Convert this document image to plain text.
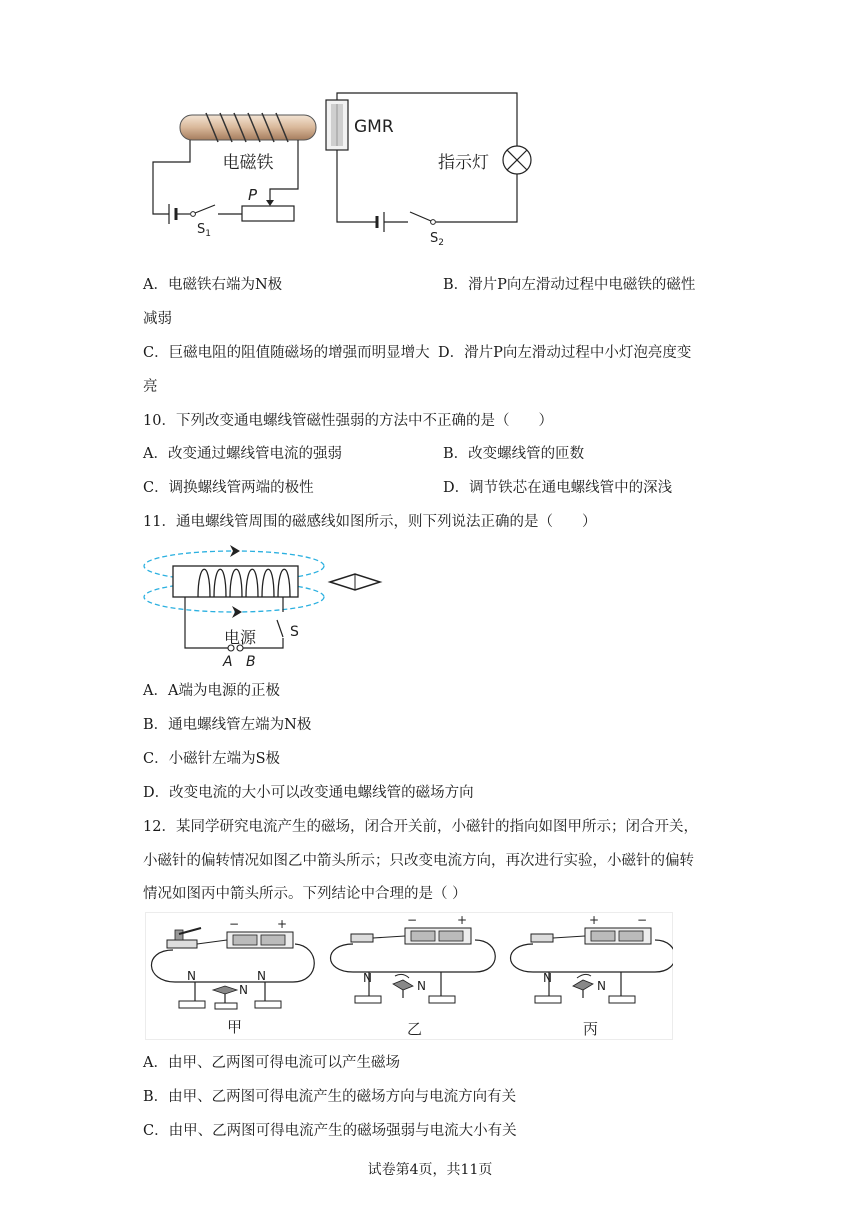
电磁铁
$S_1$
P
GMR
指示灯
$S_2$
A．电磁铁右端为N极	B．滑片P向左滑动过程中电磁铁的磁性
减弱
C．巨磁电阻的阻值随磁场的增强而明显增大 D．滑片P向左滑动过程中小灯泡亮度变
亮
10．下列改变通电螺线管磁性强弱的方法中不正确的是（　　）
A．改变通过螺线管电流的强弱	B．改变螺线管的匝数
C．调换螺线管两端的极性	D．调节铁芯在通电螺线管中的深浅
11．通电螺线管周围的磁感线如图所示，则下列说法正确的是（　　）
电源
A B
S
A．A端为电源的正极
B．通电螺线管左端为N极
C．小磁针左端为S极
D．改变电流的大小可以改变通电螺线管的磁场方向
12．某同学研究电流产生的磁场，闭合开关前，小磁针的指向如图甲所示；闭合开关，
小磁针的偏转情况如图乙中箭头所示；只改变电流方向，再次进行实验，小磁针的偏转
情况如图丙中箭头所示。下列结论中合理的是（ ）
−	+
N	N
N
甲
−	+
N
N
乙
+	−
N
N
丙
A．由甲、乙两图可得电流可以产生磁场
B．由甲、乙两图可得电流产生的磁场方向与电流方向有关
C．由甲、乙两图可得电流产生的磁场强弱与电流大小有关
试卷第4页，共11页
